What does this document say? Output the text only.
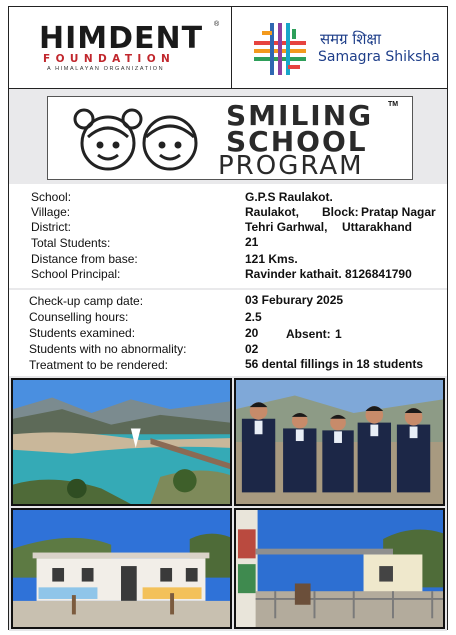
HIMDENT ®
FOUNDATION
A HIMALAYAN ORGANIZATION
समग्र शिक्षा
Samagra Shiksha
SMILING TM
SCHOOL
PROGRAM
School:	G.P.S Raulakot.
Village:	Raulakot, Block: Pratap Nagar
District:	Tehri Garhwal, Uttarakhand
Total Students:	21
Distance from base:	121 Kms.
School Principal:	Ravinder kathait. 8126841790
Check-up camp date:	03 Feburary 2025
Counselling hours:	2.5
Students examined:	20 Absent: 1
Students with no abnormality:	02
Treatment to be rendered:	56 dental fillings in 18 students
